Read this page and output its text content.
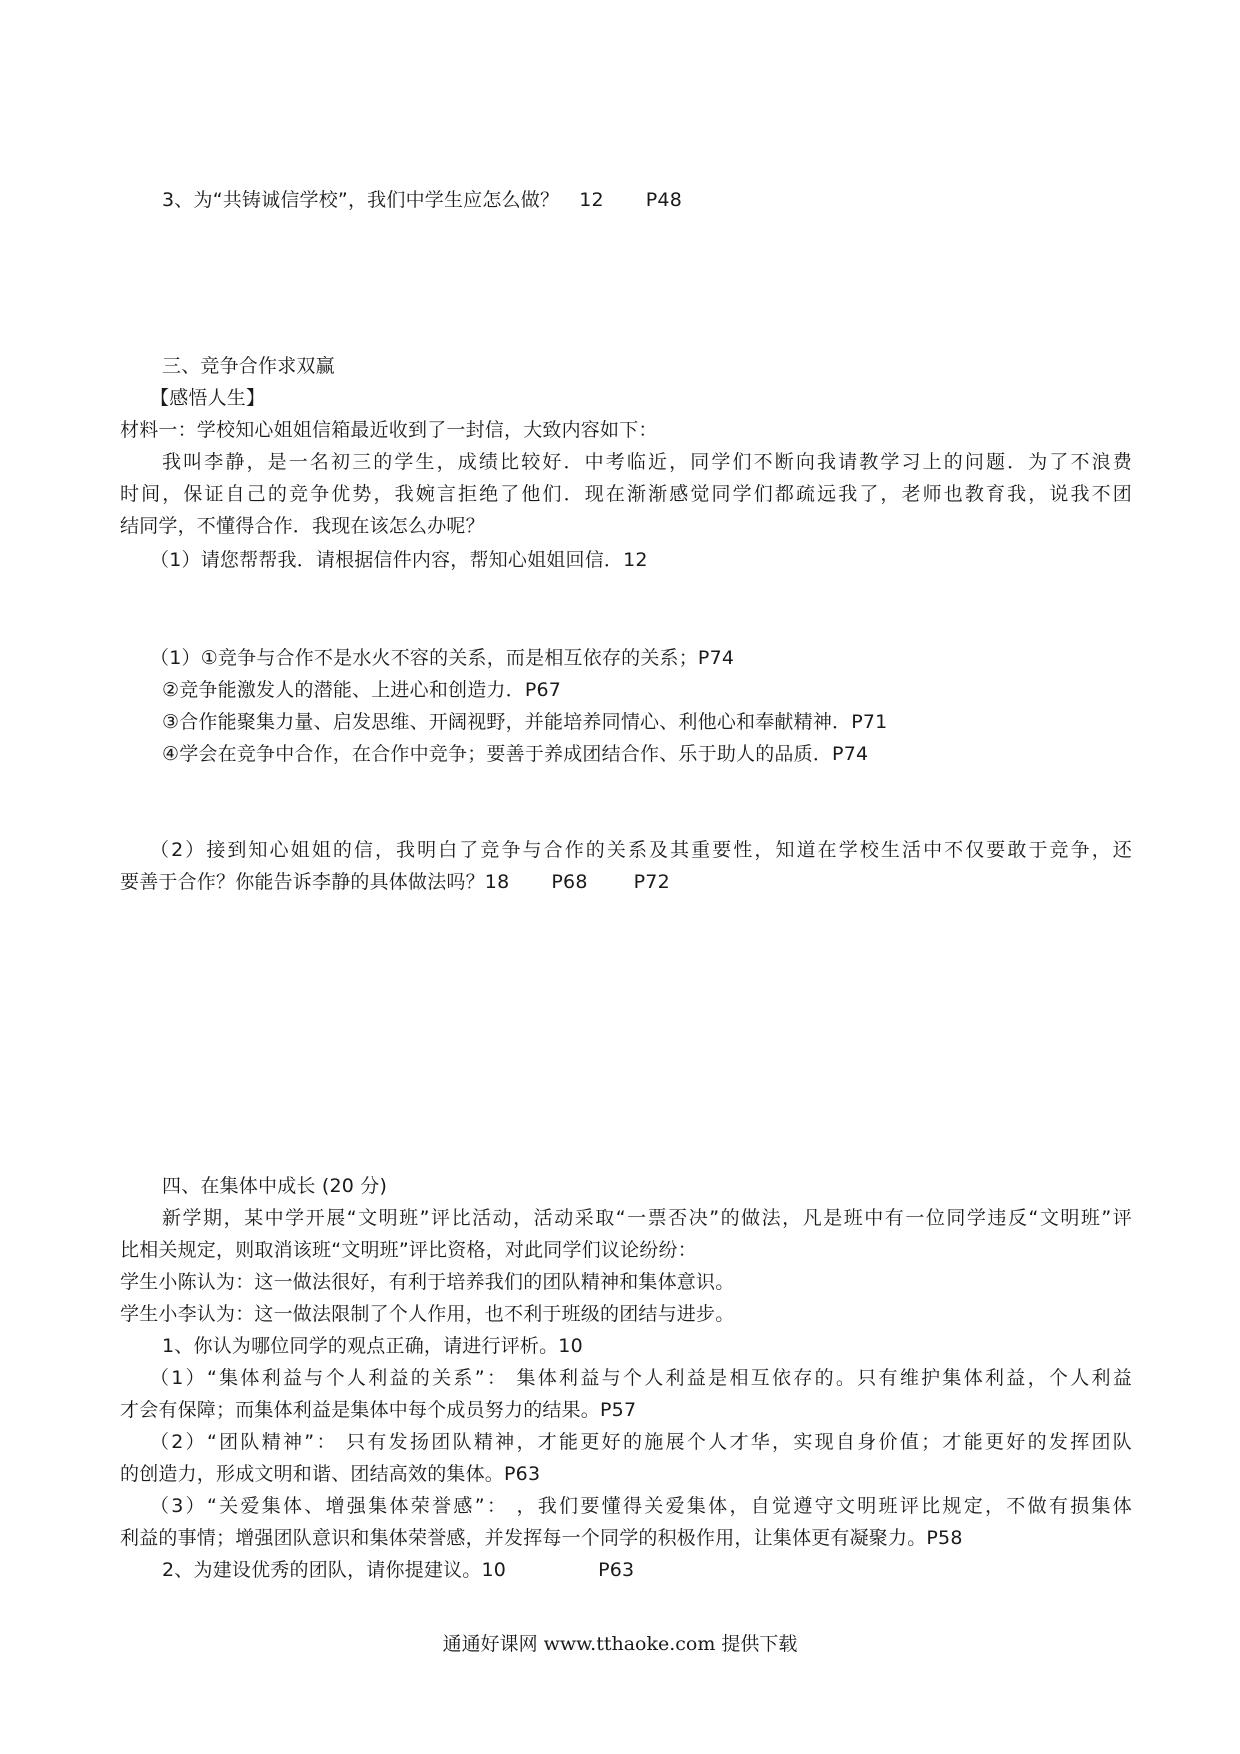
3、为“共铸诚信学校”，我们中学生应怎么做？ 12 P48

三、竞争合作求双赢

【感悟人生】

材料一：学校知心姐姐信箱最近收到了一封信，大致内容如下：

我叫李静，是一名初三的学生，成绩比较好．中考临近，同学们不断向我请教学习上的问题．为了不浪费

时间，保证自己的竞争优势，我婉言拒绝了他们．现在渐渐感觉同学们都疏远我了，老师也教育我，说我不团

结同学，不懂得合作．我现在该怎么办呢？

（1）请您帮帮我．请根据信件内容，帮知心姐姐回信．12

（1）①竞争与合作不是水火不容的关系，而是相互依存的关系；P74

②竞争能激发人的潜能、上进心和创造力．P67

③合作能聚集力量、启发思维、开阔视野，并能培养同情心、利他心和奉献精神．P71

④学会在竞争中合作，在合作中竞争；要善于养成团结合作、乐于助人的品质．P74

（2）接到知心姐姐的信，我明白了竞争与合作的关系及其重要性，知道在学校生活中不仅要敢于竞争，还

要善于合作？你能告诉李静的具体做法吗？18 P68 P72

四、在集体中成长 (20 分)

新学期，某中学开展“文明班”评比活动，活动采取“一票否决”的做法，凡是班中有一位同学违反“文明班”评

比相关规定，则取消该班“文明班”评比资格，对此同学们议论纷纷：

学生小陈认为：这一做法很好，有利于培养我们的团队精神和集体意识。

学生小李认为：这一做法限制了个人作用，也不利于班级的团结与进步。

1、你认为哪位同学的观点正确，请进行评析。10

（1）“集体利益与个人利益的关系”： 集体利益与个人利益是相互依存的。只有维护集体利益，个人利益

才会有保障；而集体利益是集体中每个成员努力的结果。P57

（2）“团队精神”： 只有发扬团队精神，才能更好的施展个人才华，实现自身价值；才能更好的发挥团队

的创造力，形成文明和谐、团结高效的集体。P63

（3）“关爱集体、增强集体荣誉感”： ，我们要懂得关爱集体，自觉遵守文明班评比规定，不做有损集体

利益的事情；增强团队意识和集体荣誉感，并发挥每一个同学的积极作用，让集体更有凝聚力。P58

2、为建设优秀的团队，请你提建议。10	P63

通通好课网 www.tthaoke.com 提供下载
